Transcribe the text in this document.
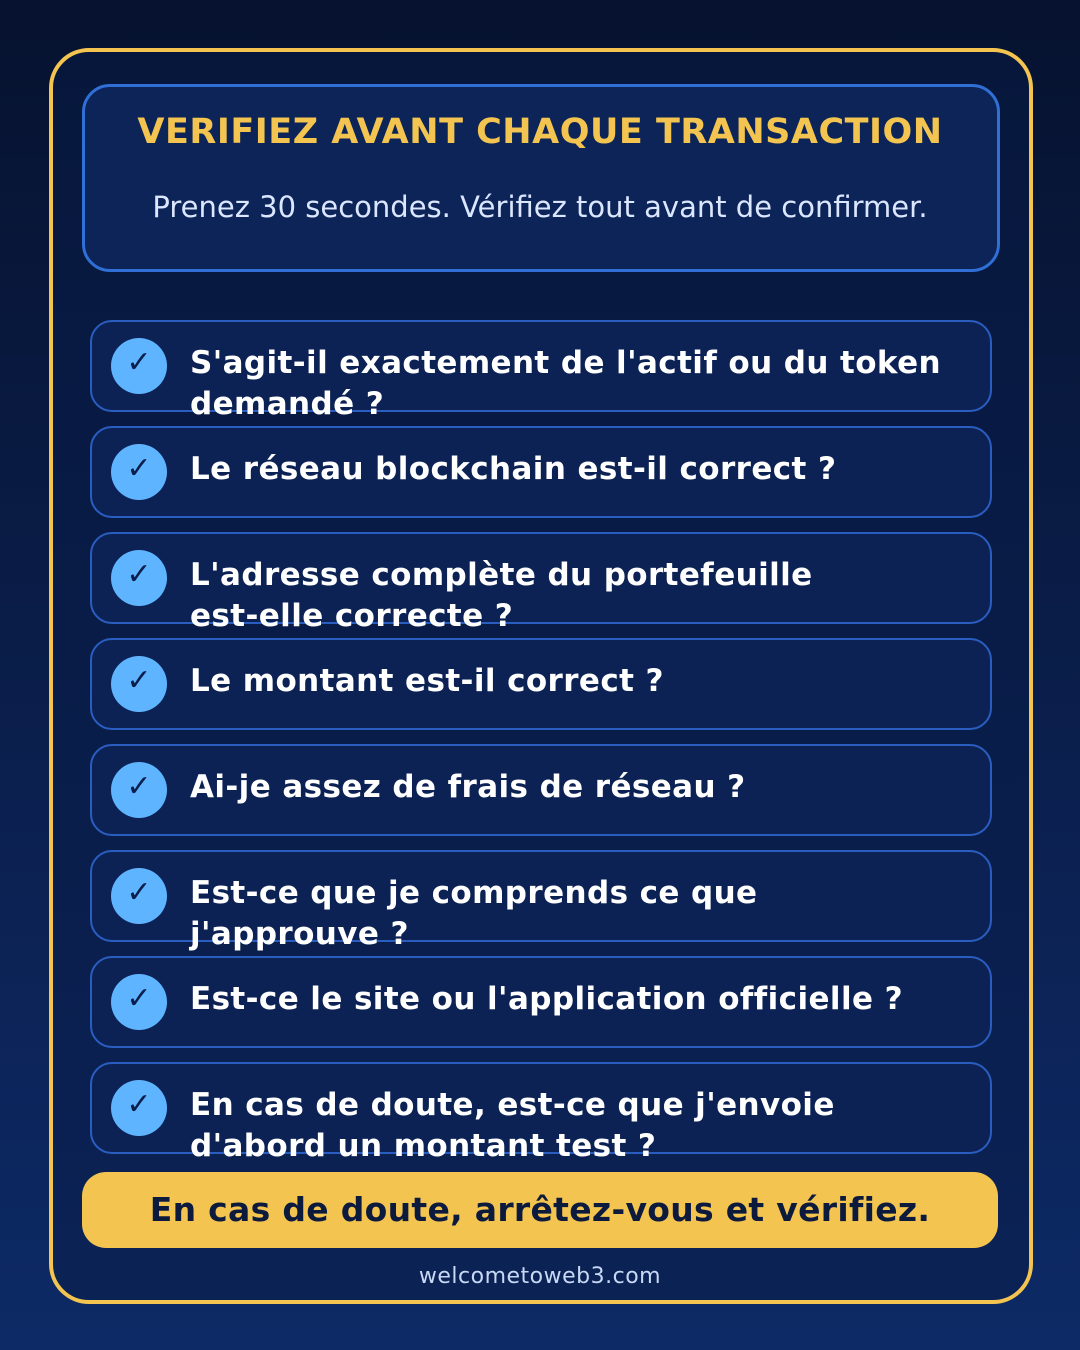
VERIFIEZ AVANT CHAQUE TRANSACTION
Prenez 30 secondes. Vérifiez tout avant de confirmer.
✓	S'agit-il exactement de l'actif ou du token
demandé ?
✓	Le réseau blockchain est-il correct ?
✓	L'adresse complète du portefeuille
est-elle correcte ?
✓	Le montant est-il correct ?
✓	Ai-je assez de frais de réseau ?
✓	Est-ce que je comprends ce que
j'approuve ?
✓	Est-ce le site ou l'application officielle ?
✓	En cas de doute, est-ce que j'envoie
d'abord un montant test ?
En cas de doute, arrêtez-vous et vérifiez.
welcometoweb3.com
